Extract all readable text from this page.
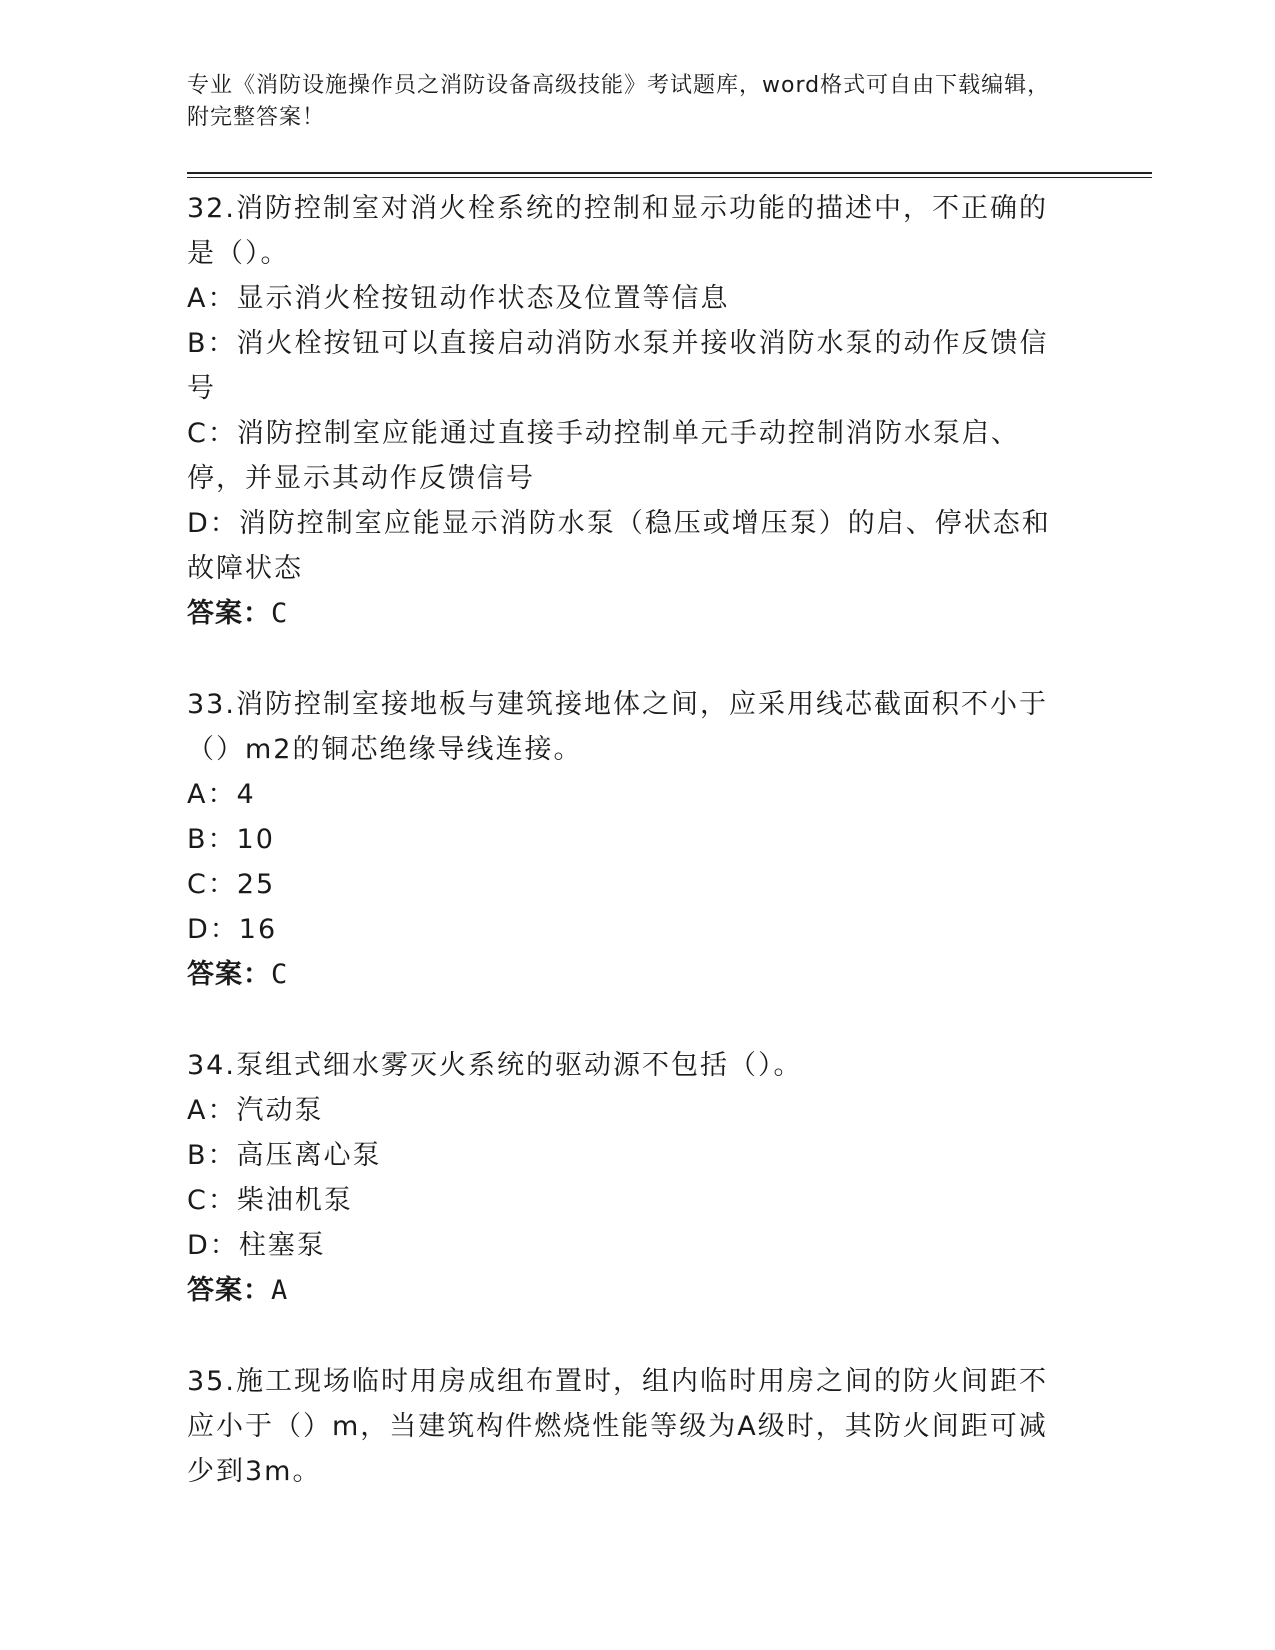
专业《消防设施操作员之消防设备高级技能》考试题库，word格式可自由下载编辑，附完整答案！

32.消防控制室对消火栓系统的控制和显示功能的描述中，不正确的是（）。

A：显示消火栓按钮动作状态及位置等信息

B：消火栓按钮可以直接启动消防水泵并接收消防水泵的动作反馈信号

C：消防控制室应能通过直接手动控制单元手动控制消防水泵启、停，并显示其动作反馈信号

D：消防控制室应能显示消防水泵（稳压或增压泵）的启、停状态和故障状态

答案：C

33.消防控制室接地板与建筑接地体之间，应采用线芯截面积不小于（）m2的铜芯绝缘导线连接。

A：4

B：10

C：25

D：16

答案：C

34.泵组式细水雾灭火系统的驱动源不包括（）。

A：汽动泵

B：高压离心泵

C：柴油机泵

D：柱塞泵

答案：A

35.施工现场临时用房成组布置时，组内临时用房之间的防火间距不应小于（）m，当建筑构件燃烧性能等级为A级时，其防火间距可减少到3m。
